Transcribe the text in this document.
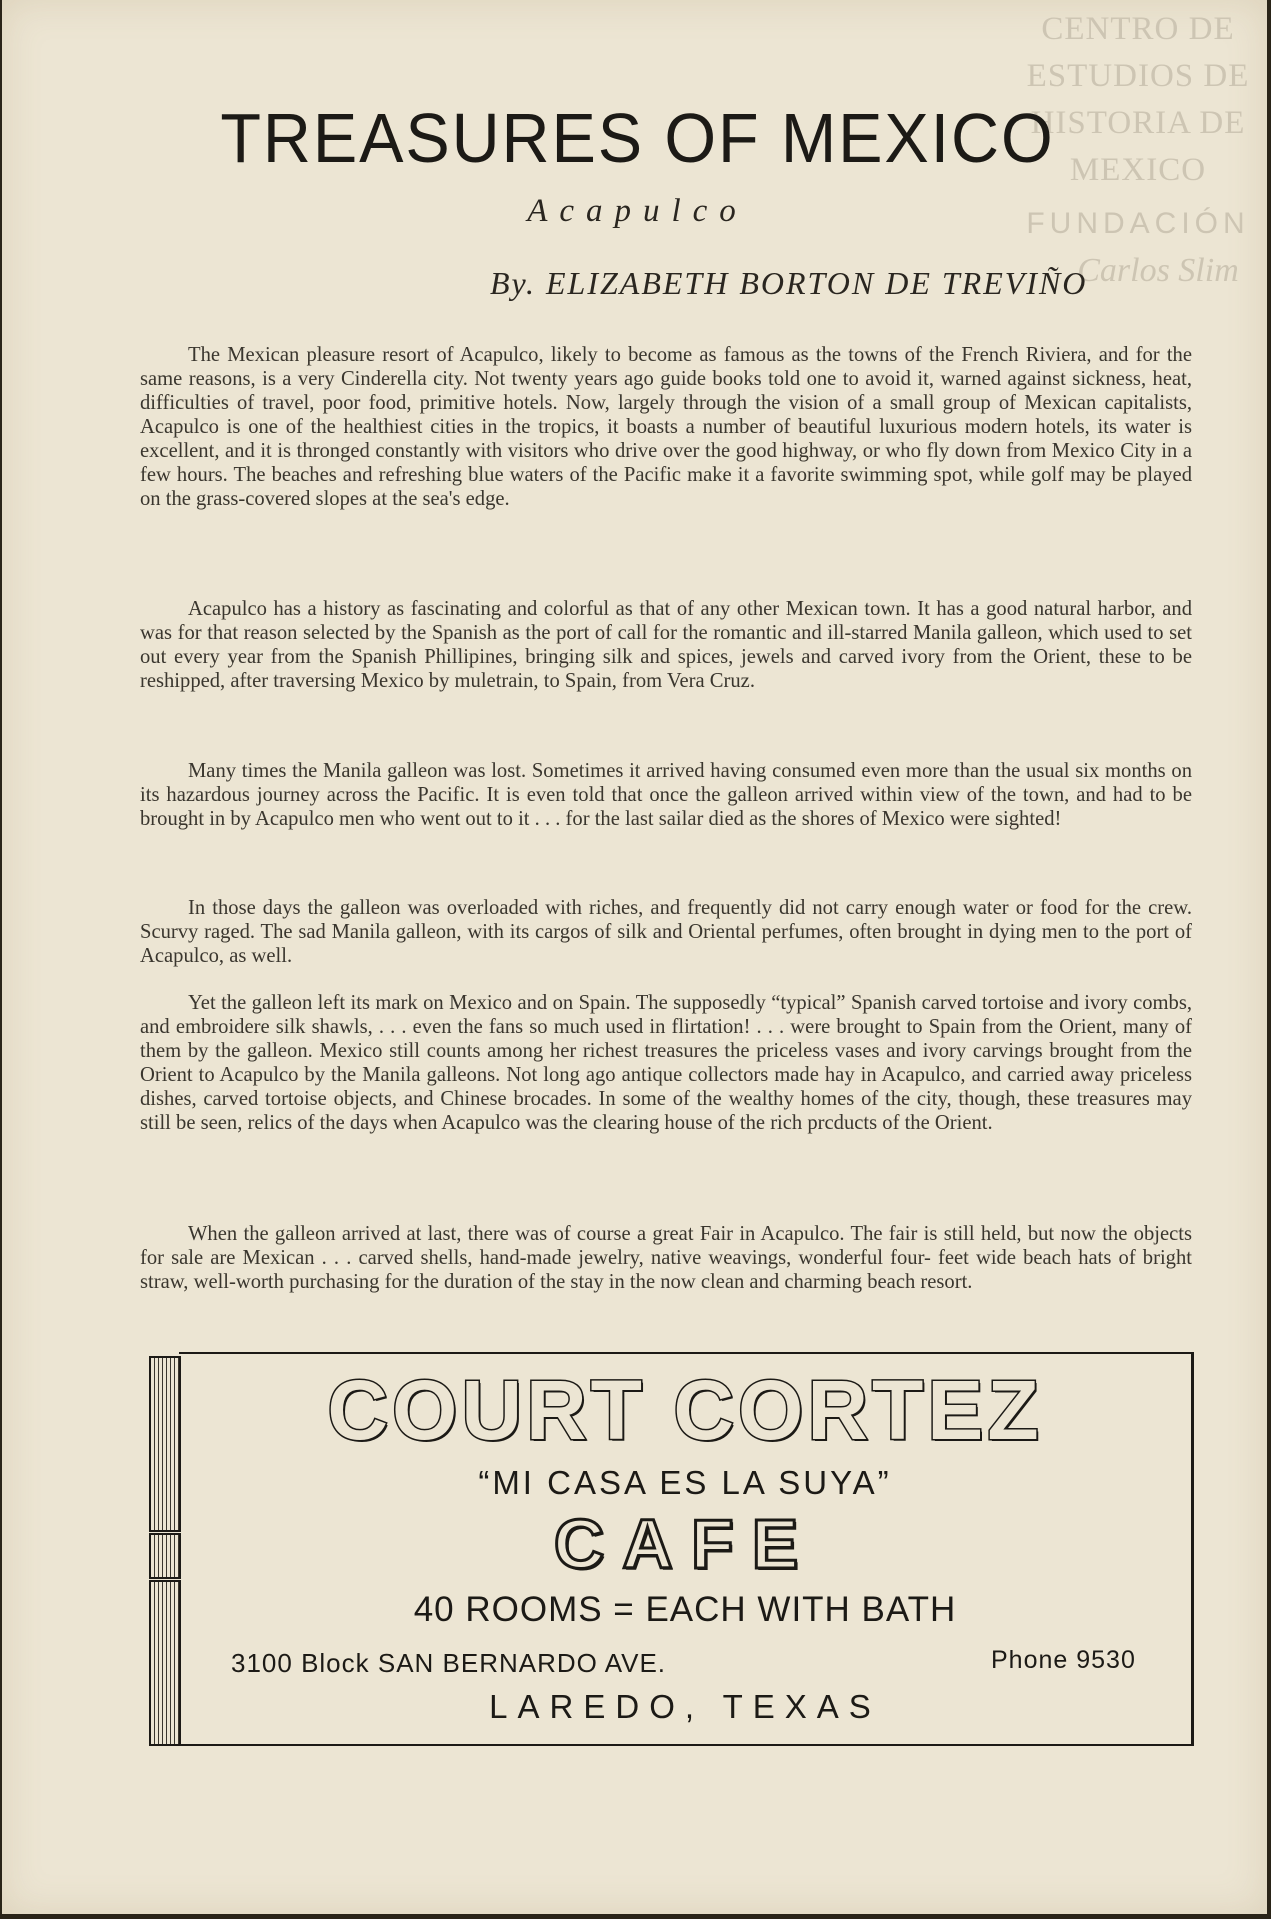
CENTRO DE ESTUDIOS DE HISTORIA DE MEXICO
FUNDACIÓN
Carlos Slim
TREASURES OF MEXICO
Acapulco
By. ELIZABETH BORTON DE TREVIÑO

The Mexican pleasure resort of Acapulco, likely to become as famous as the towns of the French Riviera, and for the same reasons, is a very Cinderella city. Not twenty years ago guide books told one to avoid it, warned against sickness, heat, difficulties of travel, poor food, primitive hotels. Now, largely through the vision of a small group of Mexican capitalists, Acapulco is one of the healthiest cities in the tropics, it boasts a number of beautiful luxurious modern hotels, its water is excellent, and it is thronged constantly with visitors who drive over the good highway, or who fly down from Mexico City in a few hours. The beaches and refreshing blue waters of the Pacific make it a favorite swimming spot, while golf may be played on the grass-covered slopes at the sea's edge.

Acapulco has a history as fascinating and colorful as that of any other Mexican town. It has a good natural harbor, and was for that reason selected by the Spanish as the port of call for the romantic and ill-starred Manila galleon, which used to set out every year from the Spanish Phillipines, bringing silk and spices, jewels and carved ivory from the Orient, these to be reshipped, after traversing Mexico by muletrain, to Spain, from Vera Cruz.

Many times the Manila galleon was lost. Sometimes it arrived having consumed even more than the usual six months on its hazardous journey across the Pacific. It is even told that once the galleon arrived within view of the town, and had to be brought in by Acapulco men who went out to it . . . for the last sailar died as the shores of Mexico were sighted!

In those days the galleon was overloaded with riches, and frequently did not carry enough water or food for the crew. Scurvy raged. The sad Manila galleon, with its cargos of silk and Oriental perfumes, often brought in dying men to the port of Acapulco, as well.

Yet the galleon left its mark on Mexico and on Spain. The supposedly “typical” Spanish carved tortoise and ivory combs, and embroidere silk shawls, . . . even the fans so much used in flirtation! . . . were brought to Spain from the Orient, many of them by the galleon. Mexico still counts among her richest treasures the priceless vases and ivory carvings brought from the Orient to Acapulco by the Manila galleons. Not long ago antique collectors made hay in Acapulco, and carried away priceless dishes, carved tortoise objects, and Chinese brocades. In some of the wealthy homes of the city, though, these treasures may still be seen, relics of the days when Acapulco was the clearing house of the rich prcducts of the Orient.

When the galleon arrived at last, there was of course a great Fair in Acapulco. The fair is still held, but now the objects for sale are Mexican . . . carved shells, hand-made jewelry, native weavings, wonderful four- feet wide beach hats of bright straw, well-worth purchasing for the duration of the stay in the now clean and charming beach resort.

COURT CORTEZ
“MI CASA ES LA SUYA”
CAFE
40 ROOMS = EACH WITH BATH
3100 Block SAN BERNARDO AVE.	Phone 9530
LAREDO, TEXAS
